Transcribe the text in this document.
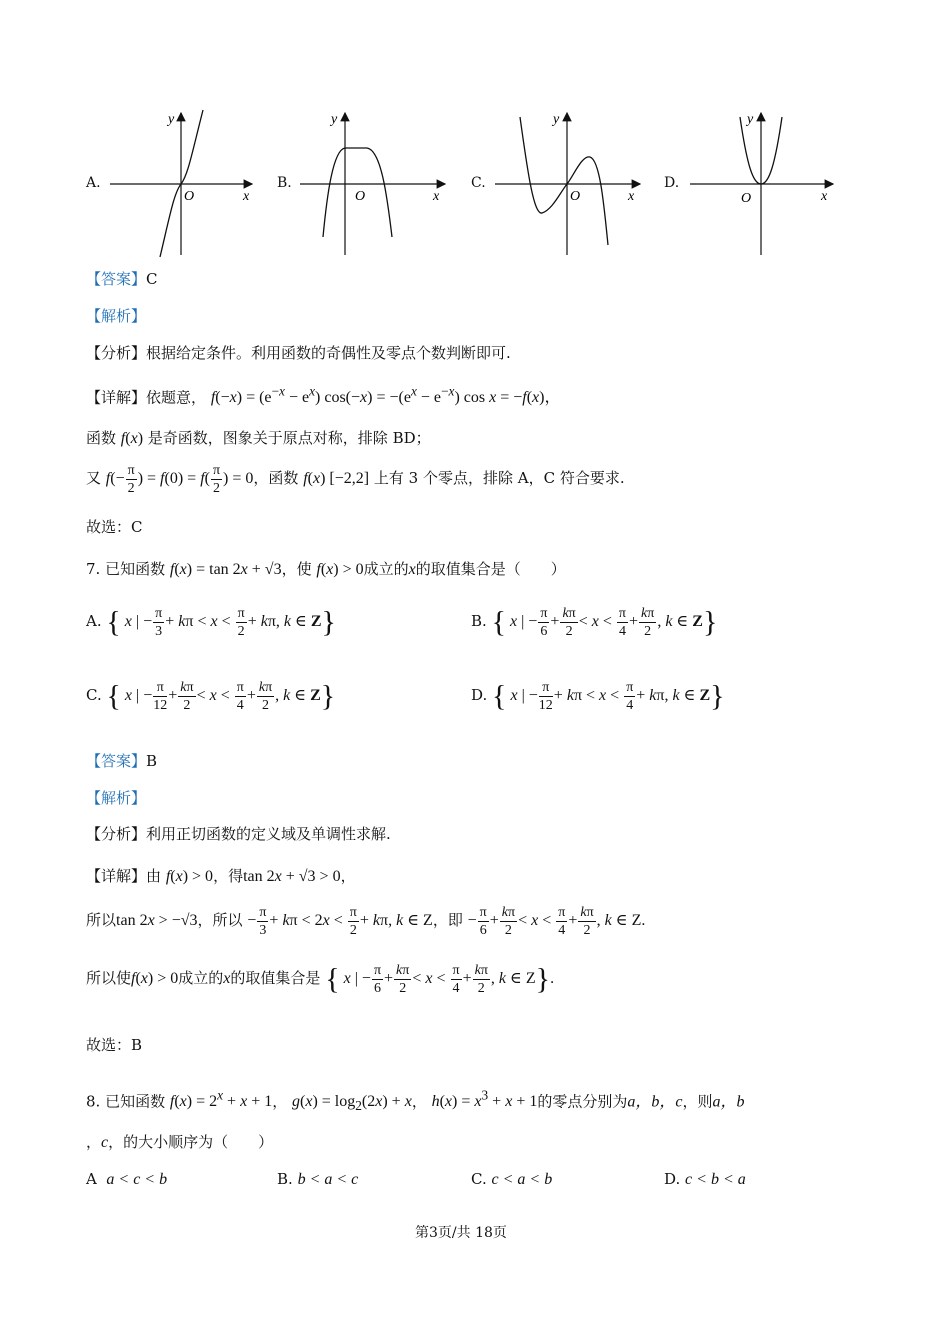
A.	B.	C.	D.
y
x
O
y
x
O
y
x
O
y
x
O
【答案】C
【解析】
【分析】根据给定条件。利用函数的奇偶性及零点个数判断即可.
【详解】依题意， $f(-x) = (e^{-x} - e^x) \cos(-x) = -(e^x - e^{-x})$ cos x = −f(x)，
函数 f(x) 是奇函数，图象关于原点对称，排除 BD；
又 $f(- \frac{\pi}{2}$ ) = $f(0) = f( \frac{\pi}{2}$ ) = 0，函数 f(x) [−2,2] 上有 3 个零点，排除 A，C 符合要求.
故选：C
7. 已知函数 f(x) = tan 2x + √3，使 f(x) > 0成立的x的取值集合是（　　）
A. { x | − $\frac{\pi}{3} + k\pi < x < \frac{\pi}{2} + k\pi$, k ∈ Z}	B. { x | − $\frac{\pi}{6} + \frac{k\pi}{2} < x < \frac{\pi}{4} + \frac{k\pi}{2}$ , k ∈ Z}
C. { x | − $\frac{\pi}{12} + \frac{k\pi}{2} < x < \frac{\pi}{4} + \frac{k\pi}{2}$ , k ∈ Z}	D. { x | − $\frac{\pi}{12} + k\pi < x < \frac{\pi}{4} + k\pi$, k ∈ Z}
【答案】B
【解析】
【分析】利用正切函数的定义域及单调性求解.
【详解】由 f(x) > 0，得tan 2x + √3 > 0，
所以tan 2x > −√3，所以 − $\frac{\pi}{3} + k\pi < 2x < \frac{\pi}{2} + k\pi$, k ∈ Z，即 − $\frac{\pi}{6} + \frac{k\pi}{2} < x < \frac{\pi}{4} + \frac{k\pi}{2}$ , k ∈ Z.
所以使f(x) > 0成立的x的取值集合是 { x | − $\frac{\pi}{6} + \frac{k\pi}{2} < x < \frac{\pi}{4} + \frac{k\pi}{2}$ , k ∈ Z}.
故选：B
8. 已知函数 $f(x) = 2^x + x + 1$， $g(x) = \log_2(2x) + x$， $h(x) = x^3 + x + 1$的零点分别为a，b，c，则a，b
，c，的大小顺序为（　　）
A a < c < b	B. b < a < c	C. c < a < b	D. c < b < a
第3页/共 18页
